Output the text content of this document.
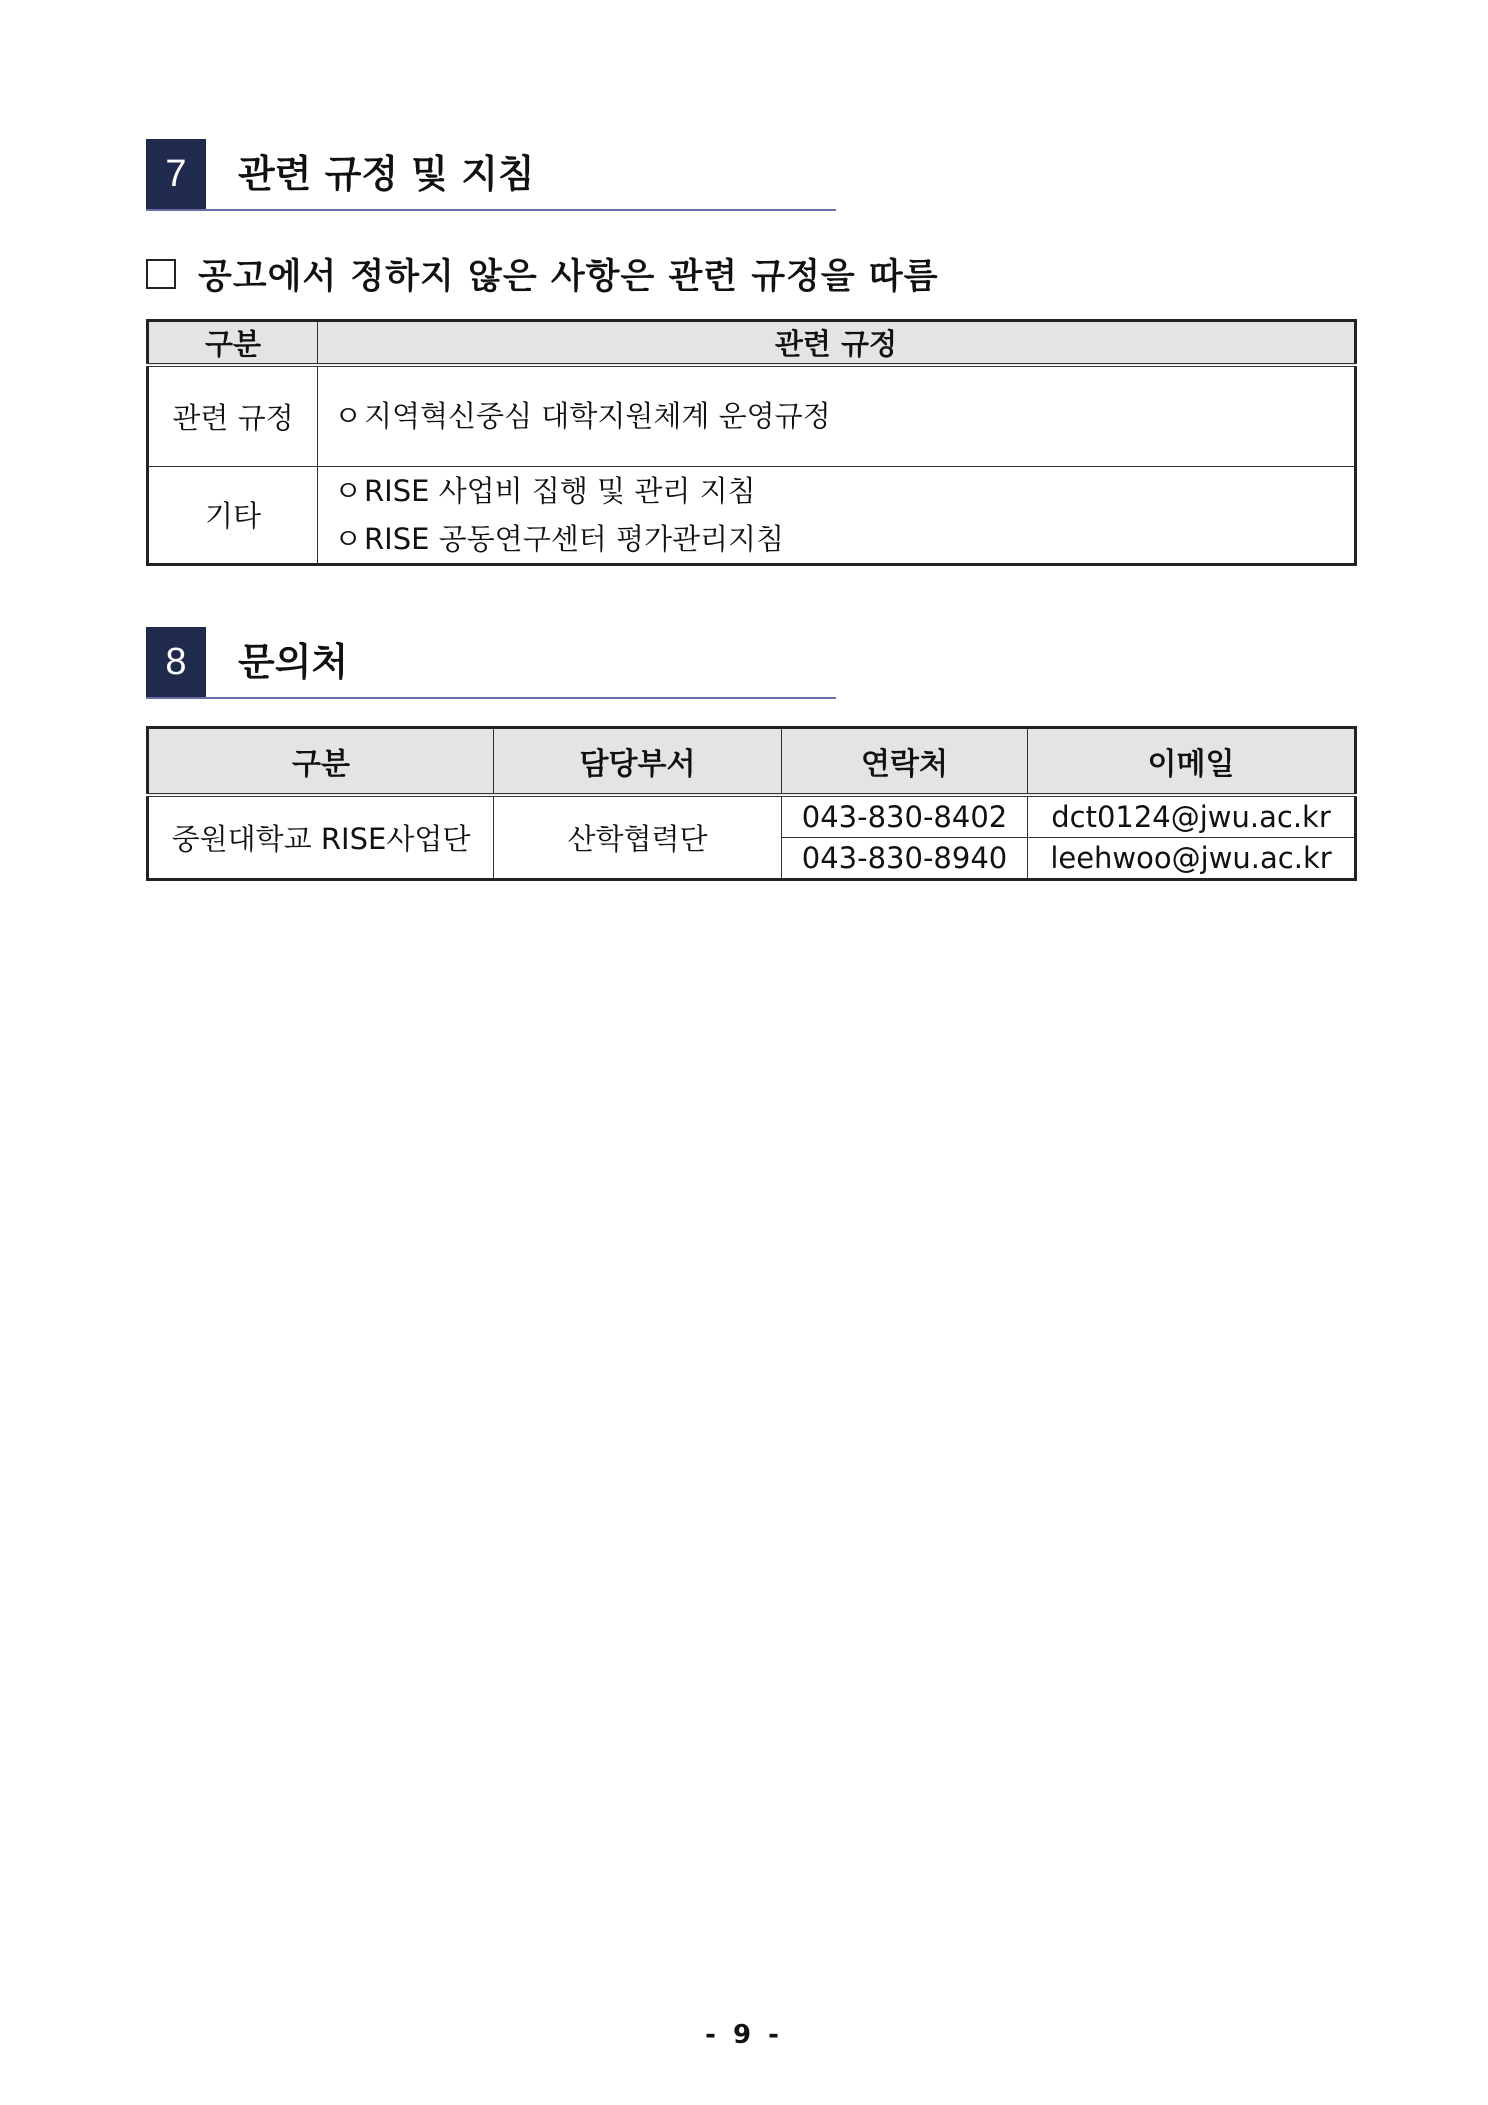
7	관련 규정 및 지침
공고에서 정하지 않은 사항은 관련 규정을 따름
구분	관련 규정
관련 규정	ㅇ지역혁신중심 대학지원체계 운영규정

기타	ㅇRISE 사업비 집행 및 관리 지침
ㅇRISE 공동연구센터 평가관리지침
8	문의처
구분	담당부서	연락처	이메일
중원대학교 RISE사업단	산학협력단	043-830-8402	dct0124@jwu.ac.kr
		043-830-8940	leehwoo@jwu.ac.kr
- 9 -
